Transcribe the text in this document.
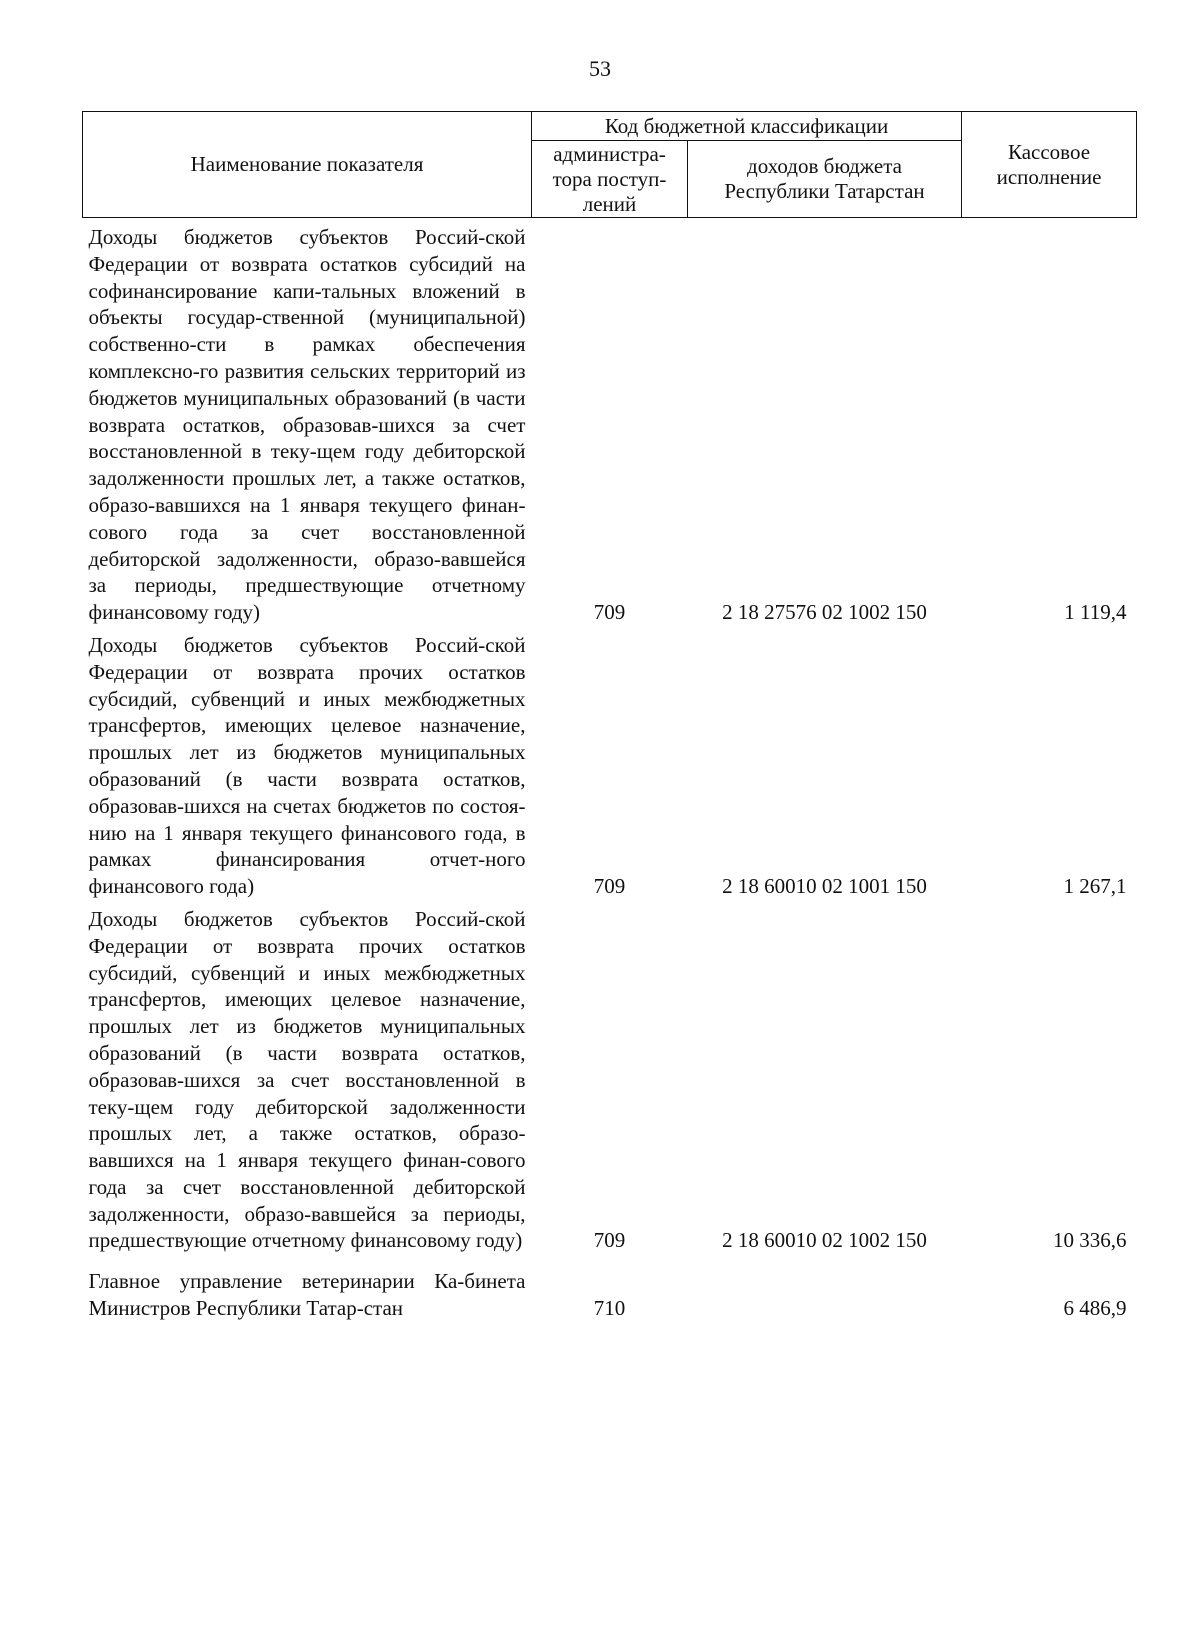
53
Наименование показателя	Код бюджетной классификации		Кассовое исполнение
	администра-тора поступ-лений	доходов бюджета Республики Татарстан	
Доходы бюджетов субъектов Россий-ской Федерации от возврата остатков субсидий на софинансирование капи-тальных вложений в объекты государ-ственной (муниципальной) собственно-сти в рамках обеспечения комплексно-го развития сельских территорий из бюджетов муниципальных образований (в части возврата остатков, образовав-шихся за счет восстановленной в теку-щем году дебиторской задолженности прошлых лет, а также остатков, образо-вавшихся на 1 января текущего финан-сового года за счет восстановленной дебиторской задолженности, образо-вавшейся за периоды, предшествующие отчетному финансовому году)	709	2 18 27576 02 1002 150	1 119,4
Доходы бюджетов субъектов Россий-ской Федерации от возврата прочих остатков субсидий, субвенций и иных межбюджетных трансфертов, имеющих целевое назначение, прошлых лет из бюджетов муниципальных образований (в части возврата остатков, образовав-шихся на счетах бюджетов по состоя-нию на 1 января текущего финансового года, в рамках финансирования отчет-ного финансового года)	709	2 18 60010 02 1001 150	1 267,1
Доходы бюджетов субъектов Россий-ской Федерации от возврата прочих остатков субсидий, субвенций и иных межбюджетных трансфертов, имеющих целевое назначение, прошлых лет из бюджетов муниципальных образований (в части возврата остатков, образовав-шихся за счет восстановленной в теку-щем году дебиторской задолженности прошлых лет, а также остатков, образо-вавшихся на 1 января текущего финан-сового года за счет восстановленной дебиторской задолженности, образо-вавшейся за периоды, предшествующие отчетному финансовому году)	709	2 18 60010 02 1002 150	10 336,6
Главное управление ветеринарии Ка-бинета Министров Республики Татар-стан	710		6 486,9
